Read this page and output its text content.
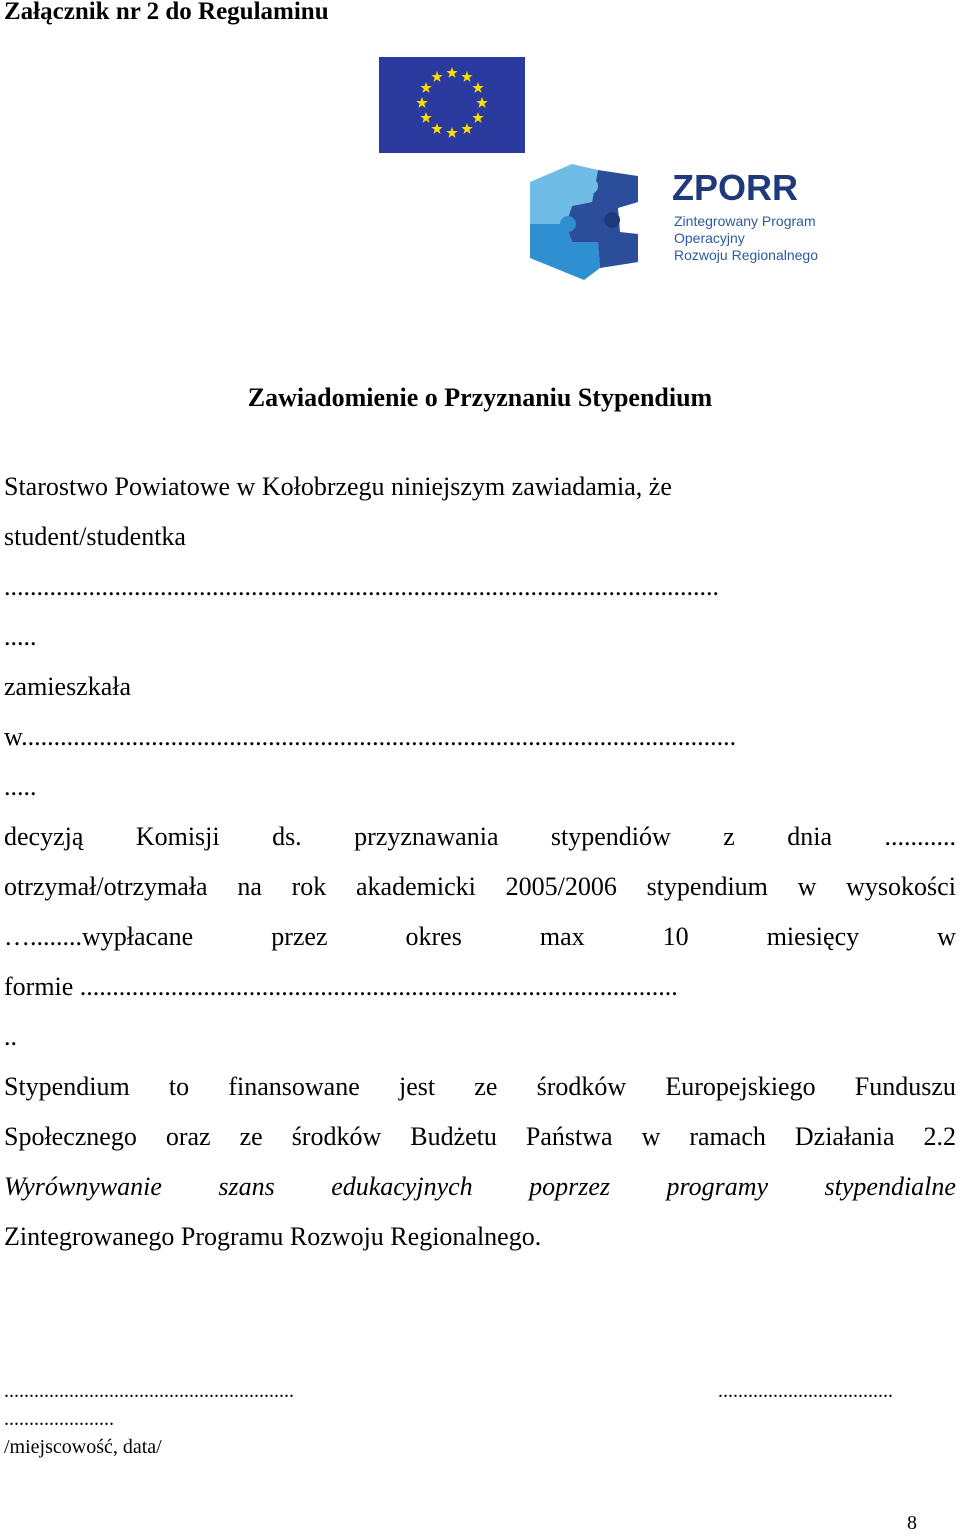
Załącznik nr 2 do Regulaminu
ZPORR
Zintegrowany Program
Operacyjny
Rozwoju Regionalnego
Zawiadomienie o Przyznaniu Stypendium
Starostwo Powiatowe w Kołobrzegu niniejszym zawiadamia, że
student/studentka
..............................................................................................................
.....
zamieszkała
w..............................................................................................................
.....
decyzją Komisji ds. przyznawania stypendiów z dnia ...........
otrzymał/otrzymała na rok akademicki 2005/2006 stypendium w wysokości
…........wypłacane	przez	okres	max	10	miesięcy	w
formie ............................................................................................
..
Stypendium to finansowane jest ze środków Europejskiego Funduszu
Społecznego oraz ze środków Budżetu Państwa w ramach Działania 2.2
Wyrównywanie szans edukacyjnych poprzez programy stypendialne
Zintegrowanego Programu Rozwoju Regionalnego.
..........................................................	...................................
......................
/miejscowość, data/
8
